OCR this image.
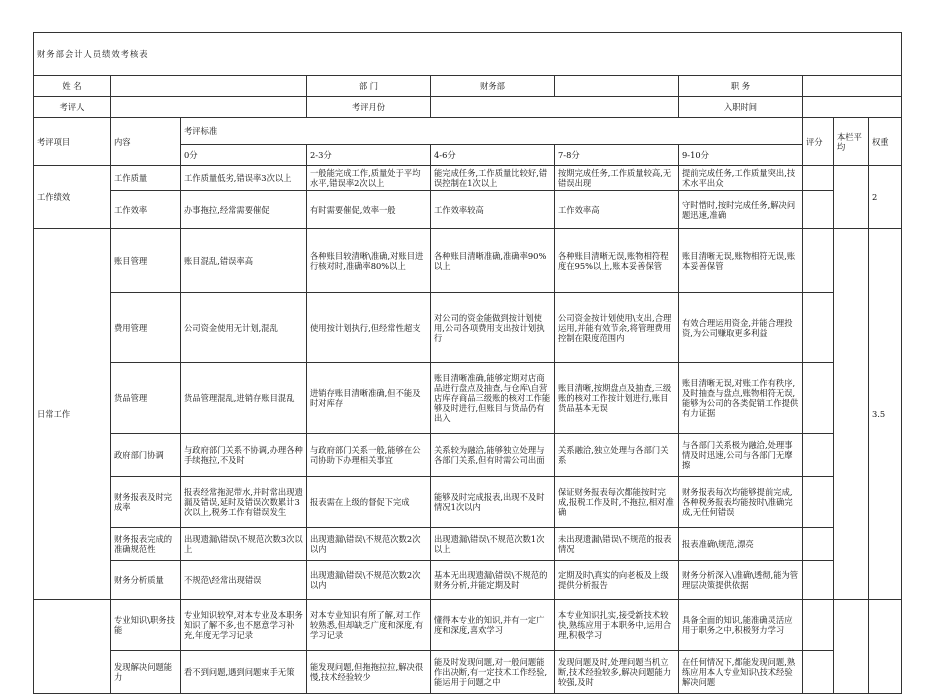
财务部会计人员绩效考核表									
姓 名			部 门	财务部		职 务			
考评人			考评月份			入职时间			
考评项目	内容	考评标准					评分	本栏平均	权重
		0分	2-3分	4-6分	7-8分	9-10分			
工作绩效	工作质量	工作质量低劣,错误率3次以上	一般能完成工作,质量处于平均水平,错误率2次以上	能完成任务,工作质量比较好,错误控制在1次以上	按期完成任务,工作质量较高,无错误出现	提前完成任务,工作质量突出,技术水平出众			2
	工作效率	办事拖拉,经常需要催促	有时需要催促,效率一般	工作效率较高	工作效率高	守时惜时,按时完成任务,解决问题迅速,准确			
日常工作	账目管理	账目混乱,错误率高	各种账目较清晰\准确,对账目进行核对时,准确率80%以上	各种账目清晰准确,准确率90%以上	各种账目清晰无误,账物相符程度在95%以上,账本妥善保管	账目清晰无误,账物相符无误,账本妥善保管			3.5
	费用管理	公司资金使用无计划,混乱	使用按计划执行,但经常性超支	对公司的资金能做到按计划使用,公司各项费用支出按计划执行	公司资金按计划使用\支出,合理运用,并能有效节余,将管理费用控制在限度范围内	有效合理运用资金,并能合理投资,为公司赚取更多利益			
	货品管理	货品管理混乱,进销存账目混乱	进销存账目清晰准确,但不能及时对库存	账目清晰准确,能够定期对店商品进行盘点及抽查,与仓库\自营店库存商品三级账的核对工作能够及时进行,但账目与货品仍有出入	账目清晰,按期盘点及抽查,三级账的核对工作按计划进行,账目货品基本无误	账目清晰无误,对账工作有秩序,及时抽查与盘点,账物相符无误,能够为公司的各类促销工作提供有力证据			
	政府部门协调	与政府部门关系不协调,办理各种手续拖拉,不及时	与政府部门关系一般,能够在公司协助下办理相关事宜	关系较为融洽,能够独立处理与各部门关系,但有时需公司出面	关系融洽,独立处理与各部门关系	与各部门关系极为融洽,处理事情及时迅速,公司与各部门无摩擦			
	财务报表及时完成率	报表经常拖泥带水,并时常出现遗漏及错误,延时及错误次数累计3次以上,税务工作有错误发生	报表需在上级的督促下完成	能够及时完成报表,出现不及时情况1次以内	保证财务报表每次都能按时完成,报税工作及时,不拖拉,相对准确	财务报表每次均能够提前完成,各种税务报表均能按时\准确完成,无任何错误			
	财务报表完成的准确规范性	出现遗漏\错误\不规范次数3次以上	出现遗漏\错误\不规范次数2次以内	出现遗漏\错误\不规范次数1次以上	未出现遗漏\错误\不规范的报表情况	报表准确\规范,漂亮			
	财务分析质量	不规范\经常出现错误	出现遗漏\错误\不规范次数2次以内	基本无出现遗漏\错误\不规范的财务分析,并能定期及时	定期及时\真实的向老板及上级提供分析报告	财务分析深入\准确\透彻,能为管理层决策提供依据			
	专业知识\职务技能	专业知识较窄,对本专业及本职务知识了解不多,也不愿意学习补充,年度无学习记录	对本专业知识有所了解,对工作较熟悉,但却缺乏广度和深度,有学习记录	懂得本专业的知识,并有一定广度和深度,喜欢学习	本专业知识扎实,接受新技术较快,熟练应用于本职务中,运用合理,积极学习	具备全面的知识,能准确灵活应用于职务之中,积极努力学习			
	发现解决问题能力	看不到问题,遇到问题束手无策	能发现问题,但拖拖拉拉,解决很慢,技术经验较少	能及时发现问题,对一般问题能作出决断,有一定技术工作经验,能运用于问题之中	发现问题及时,处理问题当机立断,技术经验较多,解决问题能力较强,及时	在任何情况下,都能发现问题,熟练应用本人专业知识\技术经验解决问题			
